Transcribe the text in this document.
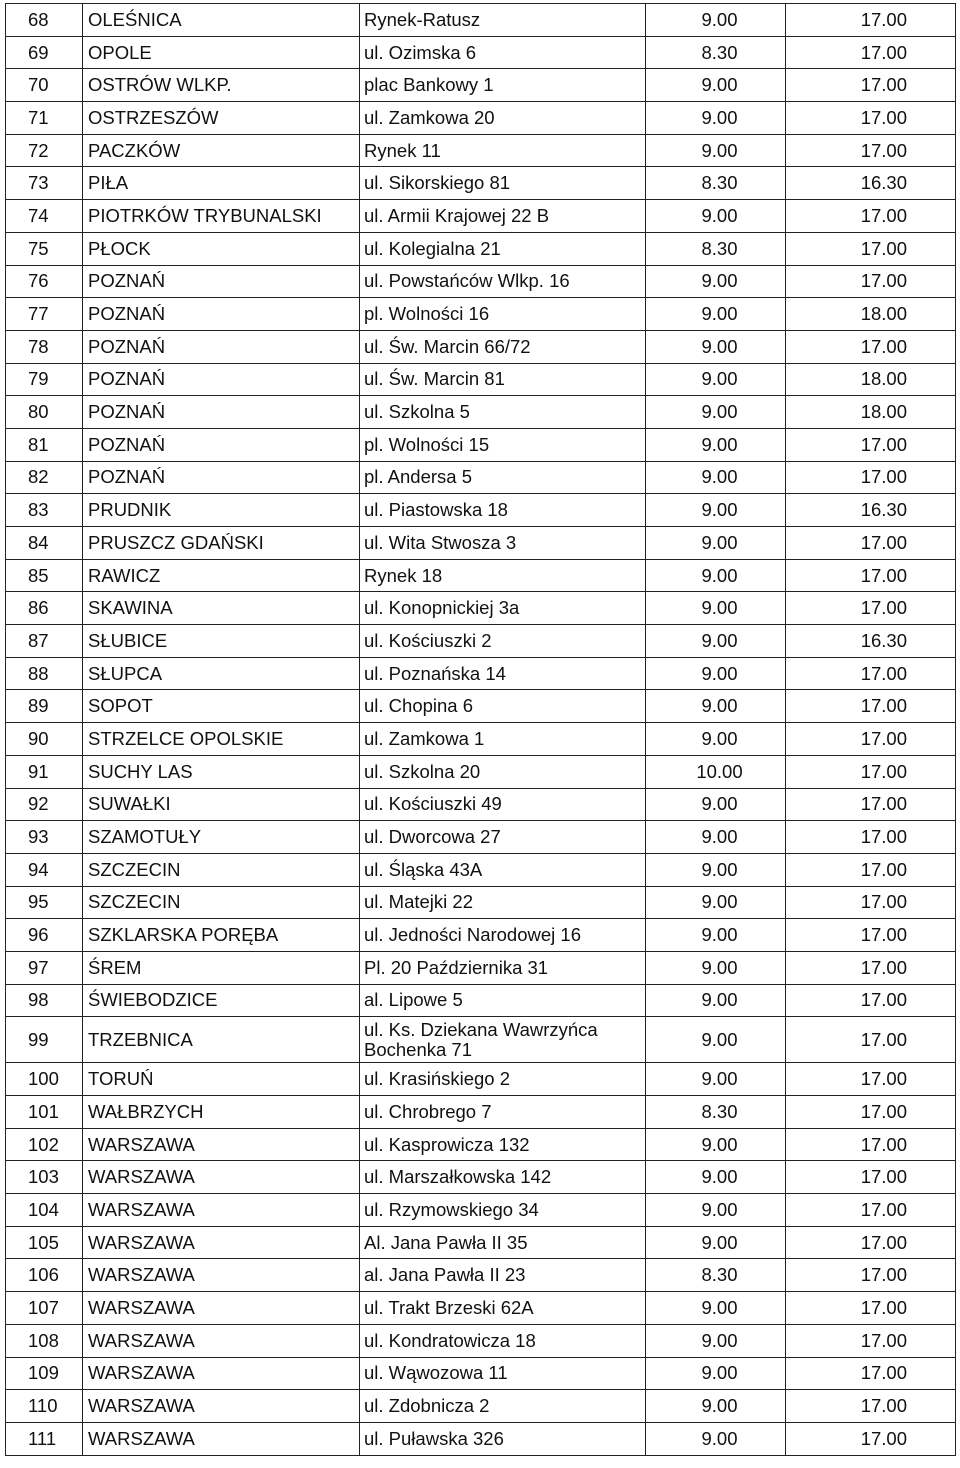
68	OLEŚNICA	Rynek-Ratusz	9.00	17.00
69	OPOLE	ul. Ozimska 6	8.30	17.00
70	OSTRÓW WLKP.	plac Bankowy 1	9.00	17.00
71	OSTRZESZÓW	ul. Zamkowa 20	9.00	17.00
72	PACZKÓW	Rynek 11	9.00	17.00
73	PIŁA	ul. Sikorskiego 81	8.30	16.30
74	PIOTRKÓW TRYBUNALSKI	ul. Armii Krajowej 22 B	9.00	17.00
75	PŁOCK	ul. Kolegialna 21	8.30	17.00
76	POZNAŃ	ul. Powstańców Wlkp. 16	9.00	17.00
77	POZNAŃ	pl. Wolności 16	9.00	18.00
78	POZNAŃ	ul. Św. Marcin 66/72	9.00	17.00
79	POZNAŃ	ul. Św. Marcin 81	9.00	18.00
80	POZNAŃ	ul. Szkolna 5	9.00	18.00
81	POZNAŃ	pl. Wolności 15	9.00	17.00
82	POZNAŃ	pl. Andersa 5	9.00	17.00
83	PRUDNIK	ul. Piastowska 18	9.00	16.30
84	PRUSZCZ GDAŃSKI	ul. Wita Stwosza 3	9.00	17.00
85	RAWICZ	Rynek 18	9.00	17.00
86	SKAWINA	ul. Konopnickiej 3a	9.00	17.00
87	SŁUBICE	ul. Kościuszki 2	9.00	16.30
88	SŁUPCA	ul. Poznańska 14	9.00	17.00
89	SOPOT	ul. Chopina 6	9.00	17.00
90	STRZELCE OPOLSKIE	ul. Zamkowa 1	9.00	17.00
91	SUCHY LAS	ul. Szkolna 20	10.00	17.00
92	SUWAŁKI	ul. Kościuszki 49	9.00	17.00
93	SZAMOTUŁY	ul. Dworcowa 27	9.00	17.00
94	SZCZECIN	ul. Śląska 43A	9.00	17.00
95	SZCZECIN	ul. Matejki 22	9.00	17.00
96	SZKLARSKA PORĘBA	ul. Jedności Narodowej 16	9.00	17.00
97	ŚREM	Pl. 20 Października 31	9.00	17.00
98	ŚWIEBODZICE	al. Lipowe 5	9.00	17.00
99	TRZEBNICA	ul. Ks. Dziekana Wawrzyńca Bochenka 71	9.00	17.00
100	TORUŃ	ul. Krasińskiego 2	9.00	17.00
101	WAŁBRZYCH	ul. Chrobrego 7	8.30	17.00
102	WARSZAWA	ul. Kasprowicza 132	9.00	17.00
103	WARSZAWA	ul. Marszałkowska 142	9.00	17.00
104	WARSZAWA	ul. Rzymowskiego 34	9.00	17.00
105	WARSZAWA	Al. Jana Pawła II 35	9.00	17.00
106	WARSZAWA	al. Jana Pawła II 23	8.30	17.00
107	WARSZAWA	ul. Trakt Brzeski 62A	9.00	17.00
108	WARSZAWA	ul. Kondratowicza 18	9.00	17.00
109	WARSZAWA	ul. Wąwozowa 11	9.00	17.00
110	WARSZAWA	ul. Zdobnicza 2	9.00	17.00
111	WARSZAWA	ul. Puławska 326	9.00	17.00
